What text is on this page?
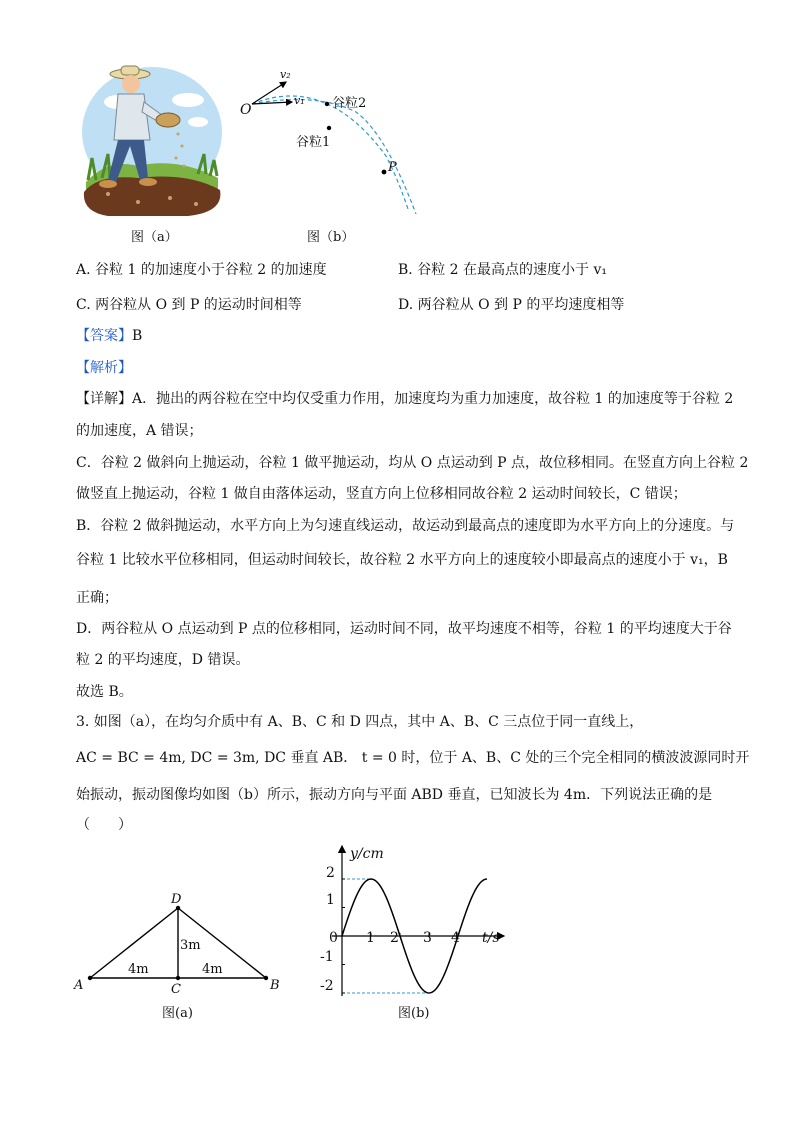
图（a）
O
v₂
v₁ 谷粒2
谷粒1
P
图（b）
A. 谷粒 1 的加速度小于谷粒 2 的加速度	B. 谷粒 2 在最高点的速度小于 v₁
C. 两谷粒从 O 到 P 的运动时间相等	D. 两谷粒从 O 到 P 的平均速度相等
【答案】B
【解析】
【详解】A．抛出的两谷粒在空中均仅受重力作用，加速度均为重力加速度，故谷粒 1 的加速度等于谷粒 2
的加速度，A 错误；
C．谷粒 2 做斜向上抛运动，谷粒 1 做平抛运动，均从 O 点运动到 P 点，故位移相同。在竖直方向上谷粒 2
做竖直上抛运动，谷粒 1 做自由落体运动，竖直方向上位移相同故谷粒 2 运动时间较长，C 错误；
B．谷粒 2 做斜抛运动，水平方向上为匀速直线运动，故运动到最高点的速度即为水平方向上的分速度。与
谷粒 1 比较水平位移相同，但运动时间较长，故谷粒 2 水平方向上的速度较小即最高点的速度小于 v₁，B
正确；
D．两谷粒从 O 点运动到 P 点的位移相同，运动时间不同，故平均速度不相等，谷粒 1 的平均速度大于谷
粒 2 的平均速度，D 错误。
故选 B。
3. 如图（a），在均匀介质中有 A、B、C 和 D 四点，其中 A、B、C 三点位于同一直线上，
AC = BC = 4m, DC = 3m, DC 垂直 AB． t = 0 时，位于 A、B、C 处的三个完全相同的横波波源同时开
始振动，振动图像均如图（b）所示，振动方向与平面 ABD 垂直，已知波长为 4m．下列说法正确的是
（　　）
D
3m
4m	4m
A	C	B
图(a)
y/cm
t/s
0 1 2 3 4
2
1
-1
-2
图(b)
